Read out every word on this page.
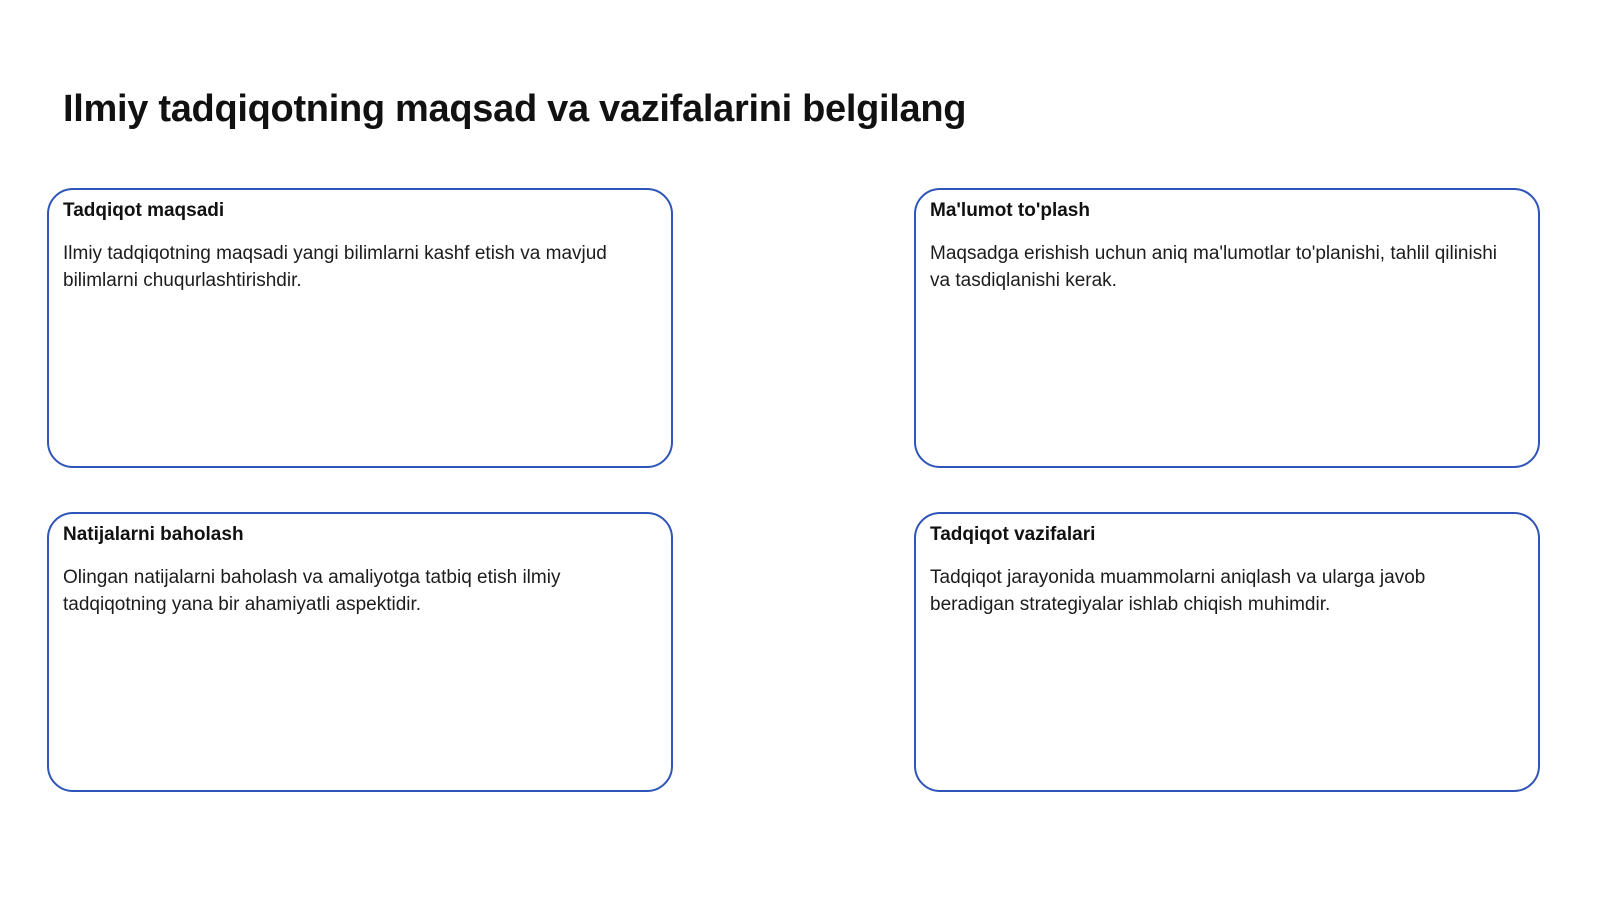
Ilmiy tadqiqotning maqsad va vazifalarini belgilang
Tadqiqot maqsadi

Ilmiy tadqiqotning maqsadi yangi bilimlarni kashf etish va mavjud bilimlarni chuqurlashtirishdir.

Ma'lumot to'plash

Maqsadga erishish uchun aniq ma'lumotlar to'planishi, tahlil qilinishi va tasdiqlanishi kerak.

Natijalarni baholash

Olingan natijalarni baholash va amaliyotga tatbiq etish ilmiy tadqiqotning yana bir ahamiyatli aspektidir.

Tadqiqot vazifalari

Tadqiqot jarayonida muammolarni aniqlash va ularga javob beradigan strategiyalar ishlab chiqish muhimdir.
